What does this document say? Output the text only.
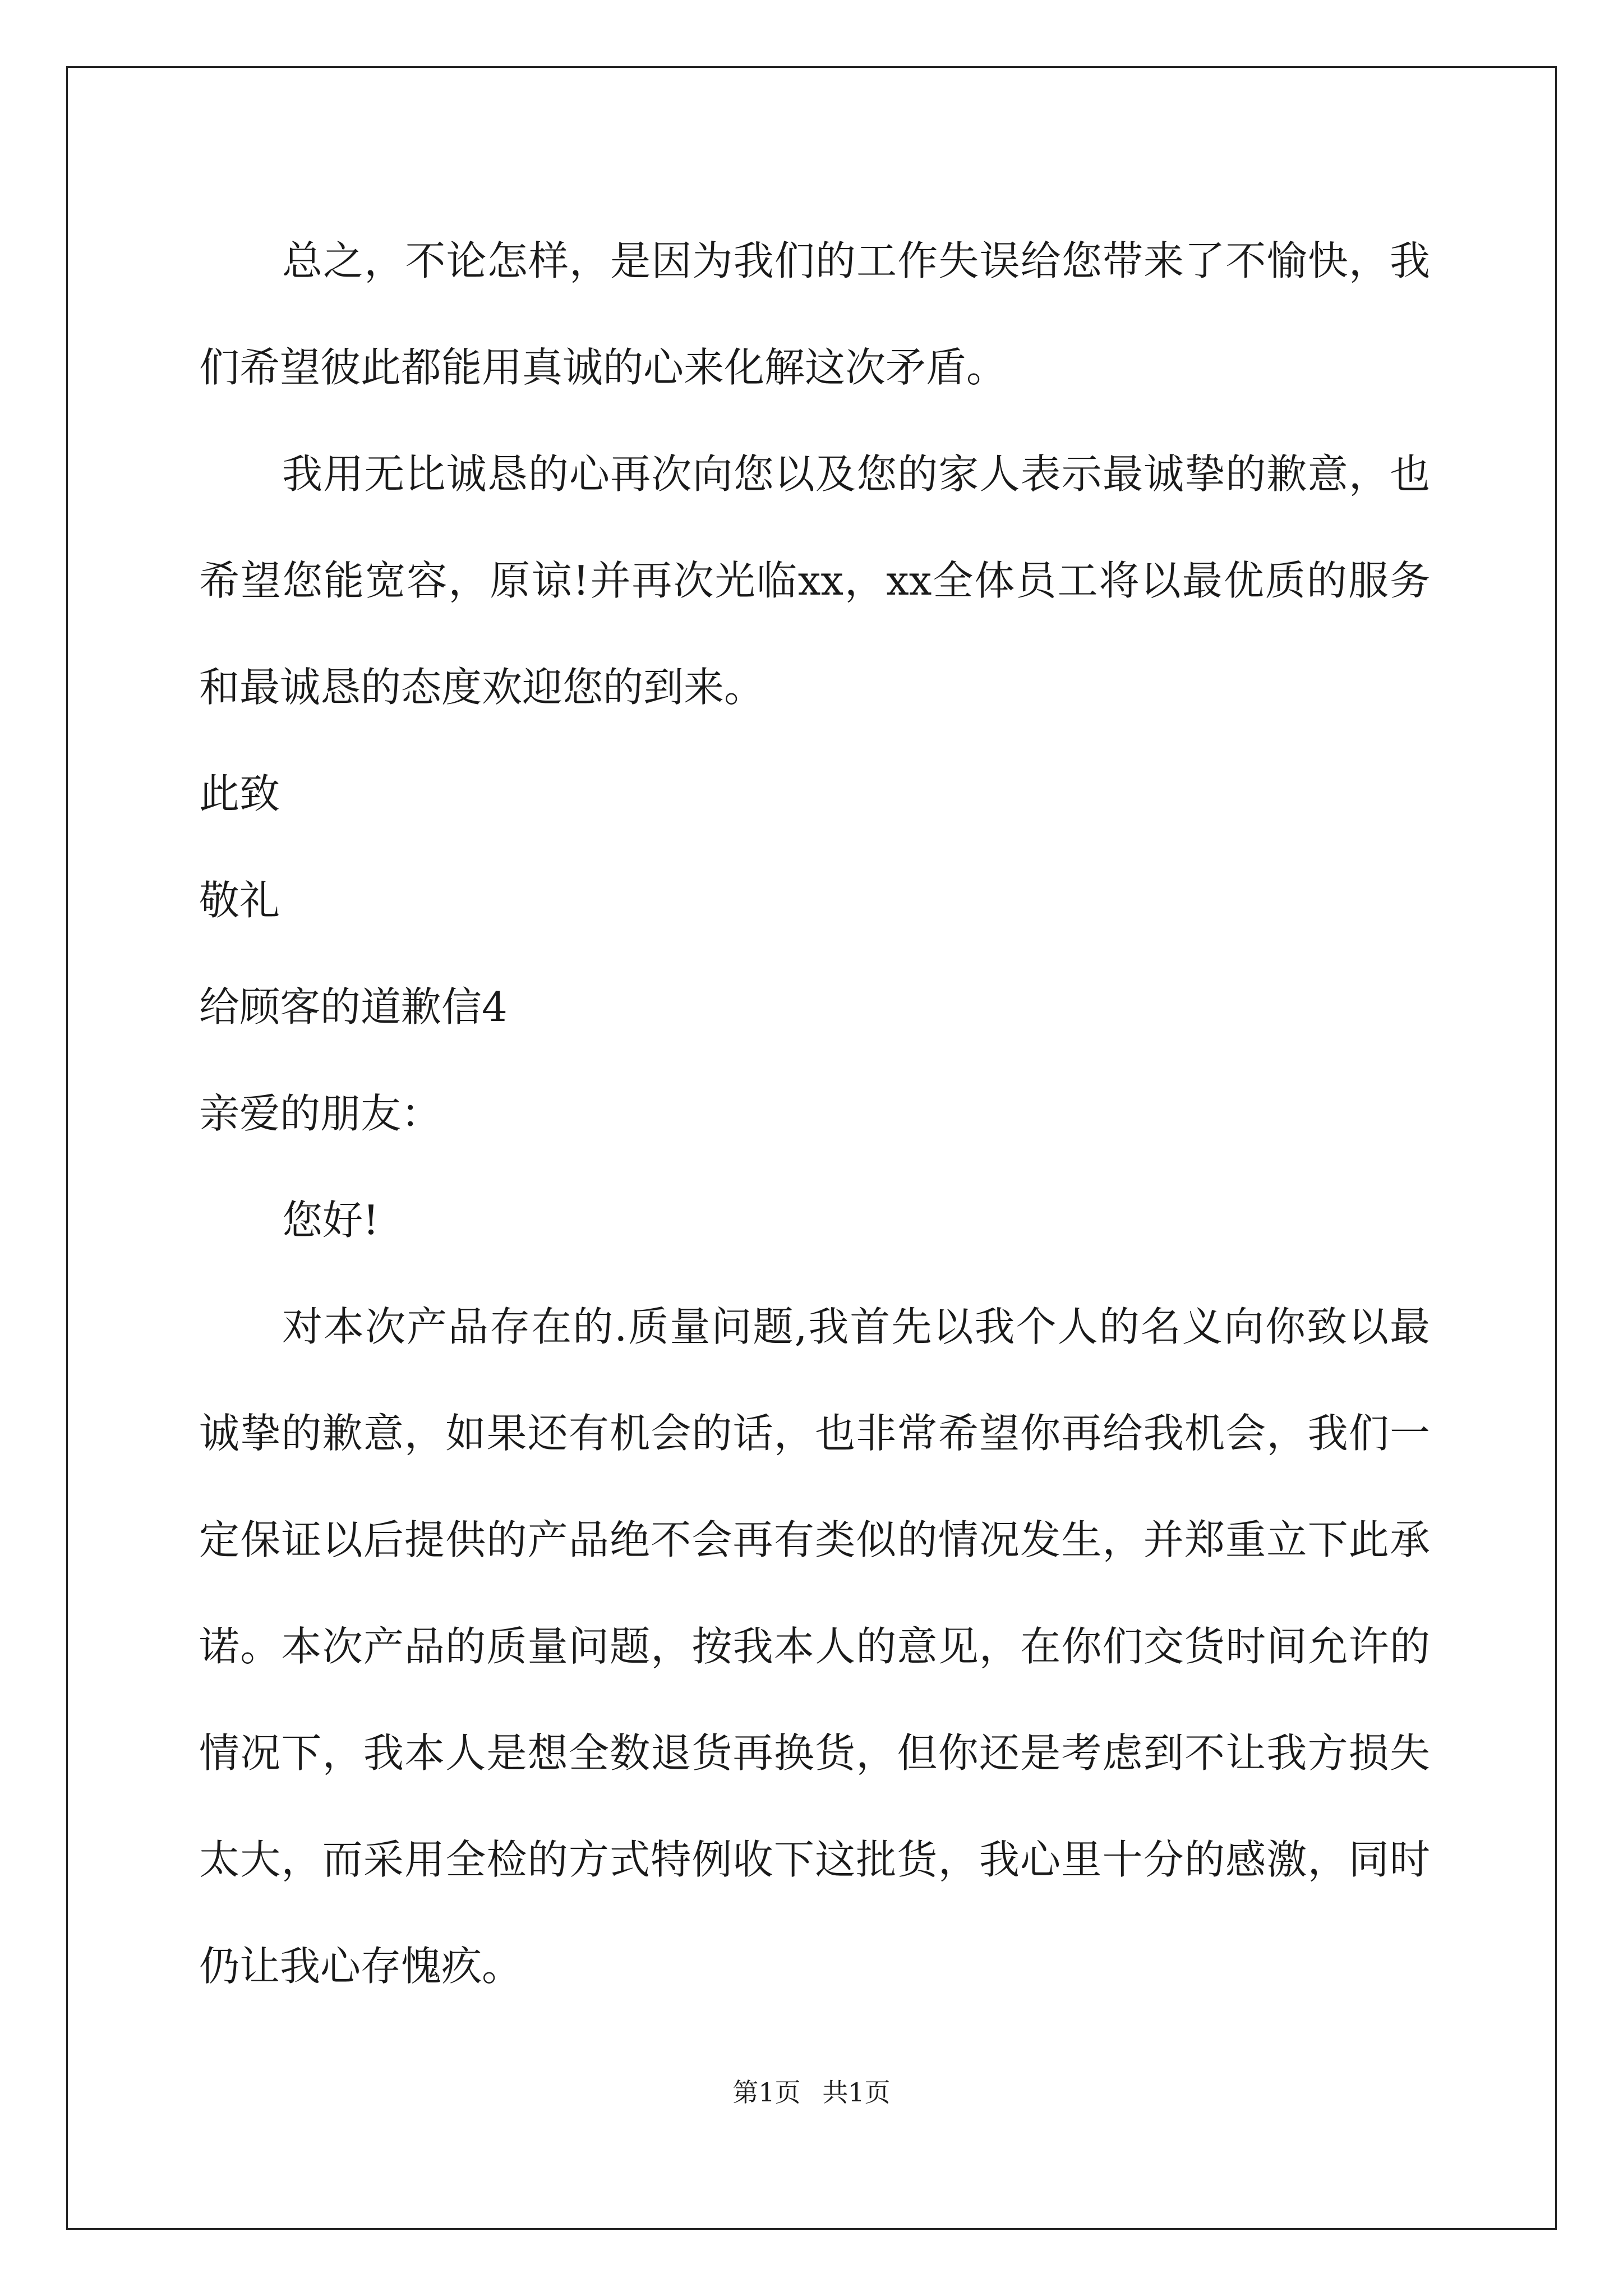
总之，不论怎样，是因为我们的工作失误给您带来了不愉快，我
们希望彼此都能用真诚的心来化解这次矛盾。
我用无比诚恳的心再次向您以及您的家人表示最诚挚的歉意，也
希望您能宽容，原谅!并再次光临xx，xx全体员工将以最优质的服务
和最诚恳的态度欢迎您的到来。
此致
敬礼
给顾客的道歉信4
亲爱的朋友：
您好!
对本次产品存在的.质量问题,我首先以我个人的名义向你致以最
诚挚的歉意，如果还有机会的话，也非常希望你再给我机会，我们一
定保证以后提供的产品绝不会再有类似的情况发生，并郑重立下此承
诺。本次产品的质量问题，按我本人的意见，在你们交货时间允许的
情况下，我本人是想全数退货再换货，但你还是考虑到不让我方损失
太大，而采用全检的方式特例收下这批货，我心里十分的感激，同时
仍让我心存愧疚。
第1页 共1页
